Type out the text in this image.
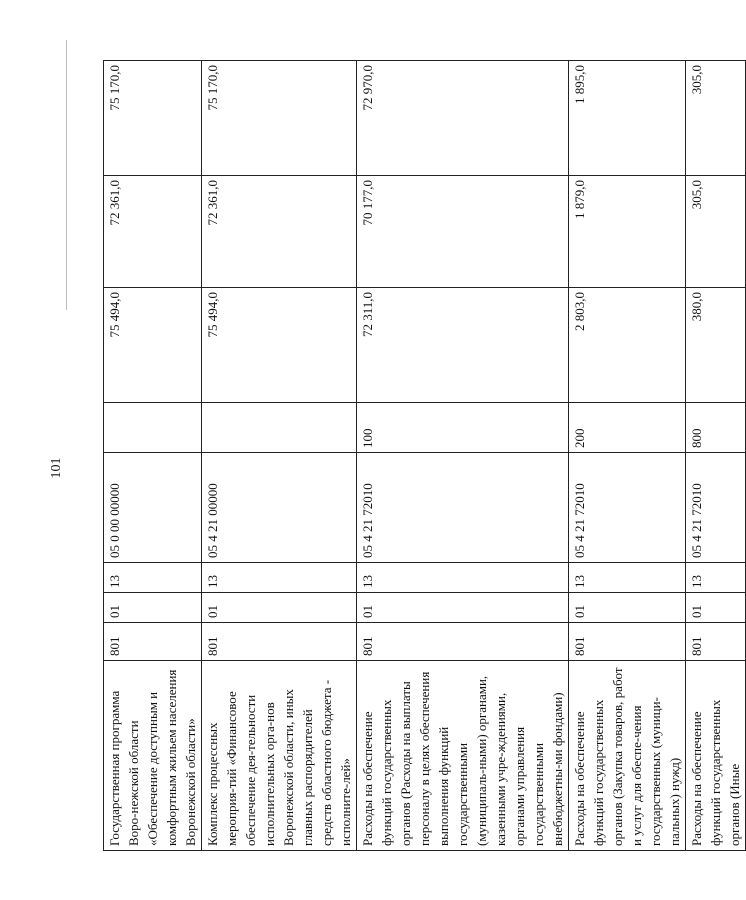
101
Государственная программа Воро-нежской области «Обеспечение доступным и комфортным жильем населения Воронежской области»	801	01	13	05 0 00 00000		75 494,0	72 361,0	75 170,0
Комплекс процессных мероприя-тий «Финансовое обеспечение дея-тельности исполнительных орга-нов Воронежской области, иных главных распорядителей средств областного бюджета - исполните-лей»	801	01	13	05 4 21 00000		75 494,0	72 361,0	75 170,0
Расходы на обеспечение функций государственных органов (Расходы на выплаты персоналу в целях обеспечения выполнения функций государственными (муниципаль-ными) органами, казенными учре-ждениями, органами управления государственными внебюджетны-ми фондами)	801	01	13	05 4 21 72010	100	72 311,0	70 177,0	72 970,0
Расходы на обеспечение функций государственных органов (Закупка товаров, работ и услуг для обеспе-чения государственных (муници-пальных) нужд)	801	01	13	05 4 21 72010	200	2 803,0	1 879,0	1 895,0
Расходы на обеспечение функций государственных органов (Иные	801	01	13	05 4 21 72010	800	380,0	305,0	305,0
